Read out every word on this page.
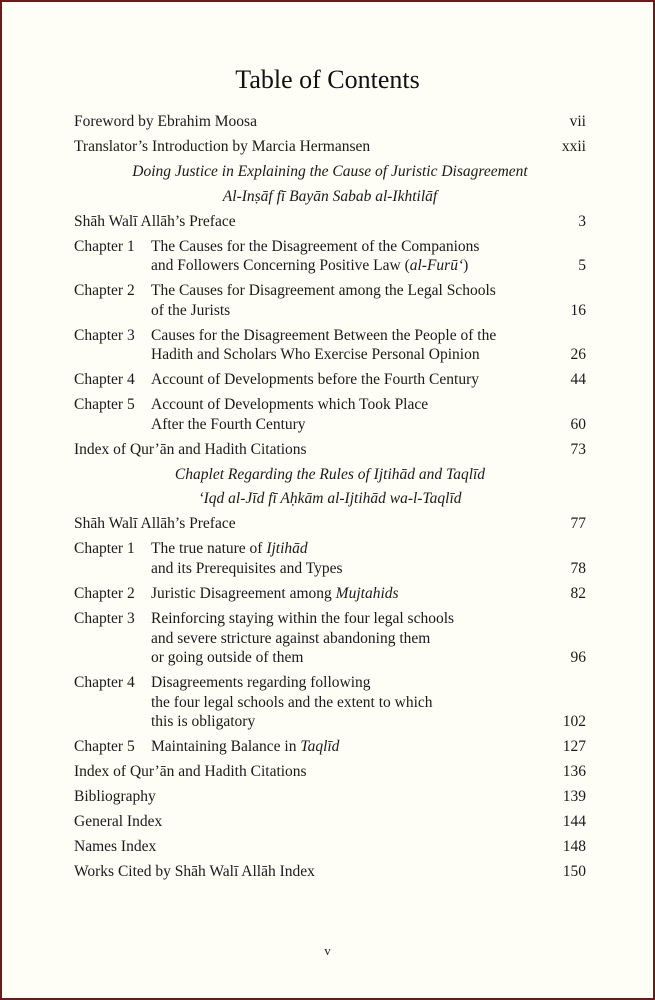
Table of Contents
Foreword by Ebrahim Moosa	vii
Translator’s Introduction by Marcia Hermansen	xxii
Doing Justice in Explaining the Cause of Juristic Disagreement
Al-Inṣāf fī Bayān Sabab al-Ikhtilāf
Shāh Walī Allāh’s Preface	3
Chapter 1	The Causes for the Disagreement of the Companions
and Followers Concerning Positive Law (al-Furū‘)	5
Chapter 2	The Causes for Disagreement among the Legal Schools
of the Jurists	16
Chapter 3	Causes for the Disagreement Between the People of the
Hadith and Scholars Who Exercise Personal Opinion	26
Chapter 4	Account of Developments before the Fourth Century	44
Chapter 5	Account of Developments which Took Place
After the Fourth Century	60
Index of Qur’ān and Hadith Citations	73
Chaplet Regarding the Rules of Ijtihād and Taqlīd
‘Iqd al-Jīd fī Aḥkām al-Ijtihād wa-l-Taqlīd
Shāh Walī Allāh’s Preface	77
Chapter 1	The true nature of Ijtihād
and its Prerequisites and Types	78
Chapter 2	Juristic Disagreement among Mujtahids	82
Chapter 3	Reinforcing staying within the four legal schools
and severe stricture against abandoning them
or going outside of them	96
Chapter 4	Disagreements regarding following
the four legal schools and the extent to which
this is obligatory	102
Chapter 5	Maintaining Balance in Taqlīd	127
Index of Qur’ān and Hadith Citations	136
Bibliography	139
General Index	144
Names Index	148
Works Cited by Shāh Walī Allāh Index	150
v
